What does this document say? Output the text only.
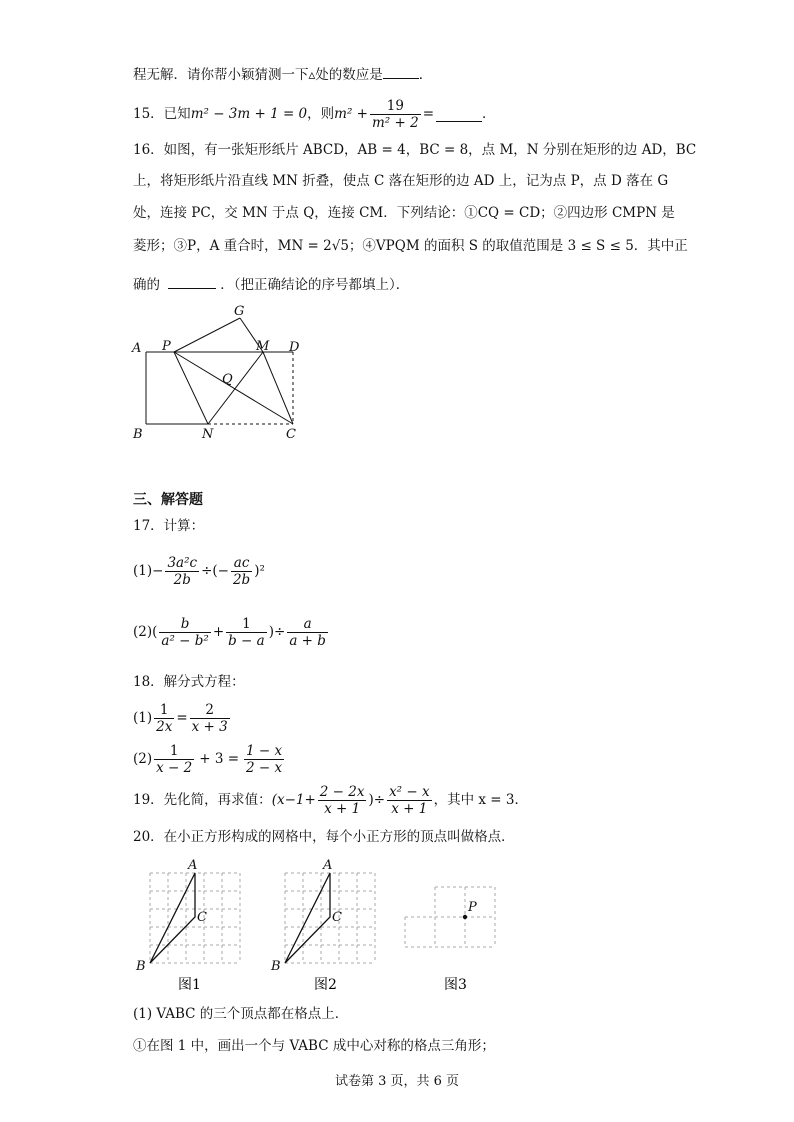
程无解．请你帮小颖猜测一下▵处的数应是	．
15．已知 m² − 3m + 1 = 0 ，则 $m^2 + \frac{19}{\text{m² + 2}}$ =	．
16．如图，有一张矩形纸片 ABCD，AB = 4，BC = 8，点 M，N 分别在矩形的边 AD，BC
上，将矩形纸片沿直线 MN 折叠，使点 C 落在矩形的边 AD 上，记为点 P，点 D 落在 G
处，连接 PC，交 MN 于点 Q，连接 CM．下列结论：①CQ = CD；②四边形 CMPN 是
菱形；③P，A 重合时，MN = 2√5；④VPQM 的面积 S 的取值范围是 3 ≤ S ≤ 5．其中正
确的	．（把正确结论的序号都填上）．
A
B	C
D
P	M
N
Q
G
三、解答题
17．计算：
$(1)- \frac{\text{3a²c}}{2b}$ ÷(− $\frac{ac}{2b} )^2$
$(2)( \frac{b}{\text{a² − b²}} + \frac{1}{b - a}$ )÷ $\frac{a}{a + b}$
18．解分式方程：
$(1) \frac{1}{2x} = \frac{2}{x + 3}$
$(2) \frac{1}{x - 2} + 3 = \frac{1 - x}{2 - x}$
19．先化简，再求值： ($x-1+ \frac{2 - 2x}{x + 1}$ )÷ $\frac{\text{x² − x}}{x + 1}$ ，其中 x = 3．
20．在小正方形构成的网格中，每个小正方形的顶点叫做格点．
A
B
C
图1
A
B
C
图2
P
图3
(1) VABC 的三个顶点都在格点上．
①在图 1 中，画出一个与 VABC 成中心对称的格点三角形；
试卷第 3 页，共 6 页
